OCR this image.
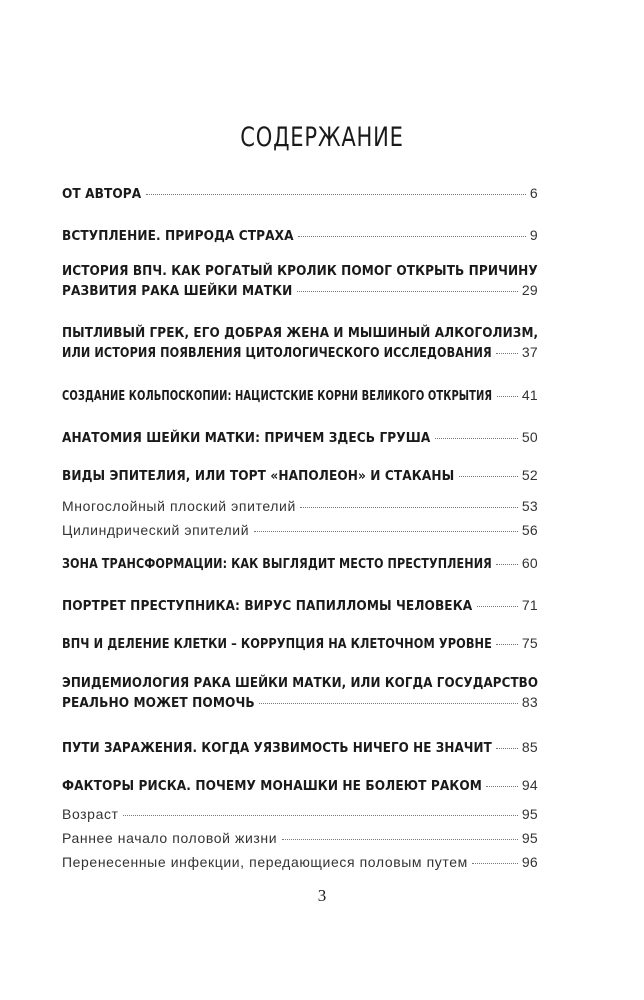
СОДЕРЖАНИЕ
ОТ АВТОРА	6
ВСТУПЛЕНИЕ. ПРИРОДА СТРАХА	9
ИСТОРИЯ ВПЧ. КАК РОГАТЫЙ КРОЛИК ПОМОГ ОТКРЫТЬ ПРИЧИНУ
РАЗВИТИЯ РАКА ШЕЙКИ МАТКИ	29
ПЫТЛИВЫЙ ГРЕК, ЕГО ДОБРАЯ ЖЕНА И МЫШИНЫЙ АЛКОГОЛИЗМ,
ИЛИ ИСТОРИЯ ПОЯВЛЕНИЯ ЦИТОЛОГИЧЕСКОГО ИССЛЕДОВАНИЯ 37
СОЗДАНИЕ КОЛЬПОСКОПИИ: НАЦИСТСКИЕ КОРНИ ВЕЛИКОГО ОТКРЫТИЯ 41
АНАТОМИЯ ШЕЙКИ МАТКИ: ПРИЧЕМ ЗДЕСЬ ГРУША	50
ВИДЫ ЭПИТЕЛИЯ, ИЛИ ТОРТ «НАПОЛЕОН» И СТАКАНЫ	52
Многослойный плоский эпителий	53
Цилиндрический эпителий	56
ЗОНА ТРАНСФОРМАЦИИ: КАК ВЫГЛЯДИТ МЕСТО ПРЕСТУПЛЕНИЯ 60
ПОРТРЕТ ПРЕСТУПНИКА: ВИРУС ПАПИЛЛОМЫ ЧЕЛОВЕКА	71
ВПЧ И ДЕЛЕНИЕ КЛЕТКИ – КОРРУПЦИЯ НА КЛЕТОЧНОМ УРОВНЕ 75
ЭПИДЕМИОЛОГИЯ РАКА ШЕЙКИ МАТКИ, ИЛИ КОГДА ГОСУДАРСТВО
РЕАЛЬНО МОЖЕТ ПОМОЧЬ	83
ПУТИ ЗАРАЖЕНИЯ. КОГДА УЯЗВИМОСТЬ НИЧЕГО НЕ ЗНАЧИТ 85
ФАКТОРЫ РИСКА. ПОЧЕМУ МОНАШКИ НЕ БОЛЕЮТ РАКОМ	94
Возраст	95
Раннее начало половой жизни	95
Перенесенные инфекции, передающиеся половым путем	96
3
